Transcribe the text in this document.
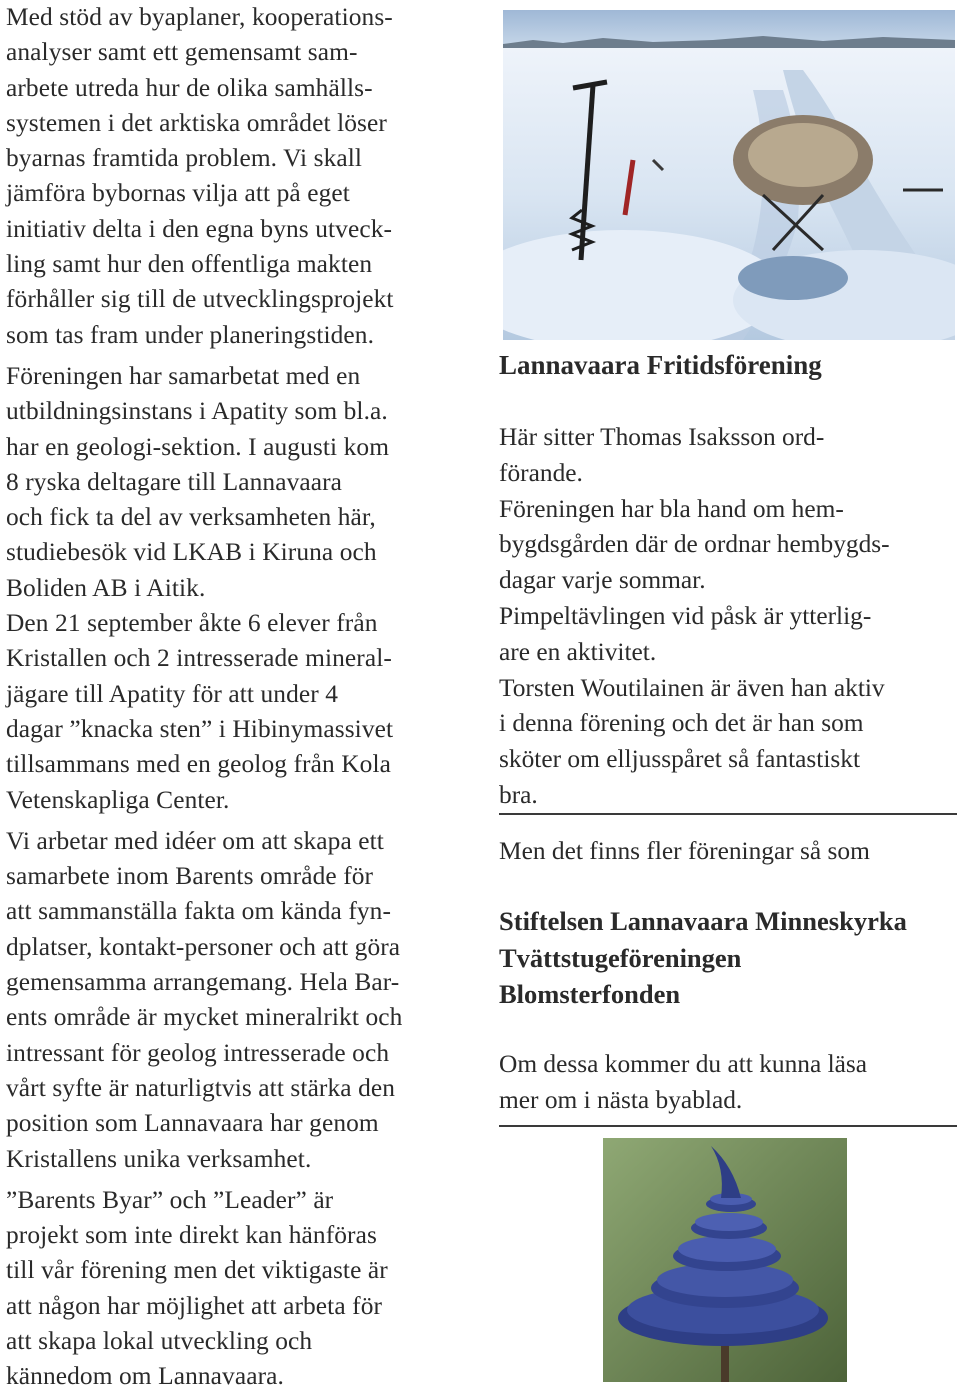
Med stöd av byaplaner, kooperations-
analyser samt ett gemensamt sam-
arbete utreda hur de olika samhälls-
systemen i det arktiska området löser
byarnas framtida problem. Vi skall
jämföra bybornas vilja att på eget
initiativ delta i den egna byns utveck-
ling samt hur den offentliga makten
förhåller sig till de utvecklingsprojekt
som tas fram under planeringstiden.

Föreningen har samarbetat med en
utbildningsinstans i Apatity som bl.a.
har en geologi-sektion. I augusti kom
8 ryska deltagare till Lannavaara
och fick ta del av verksamheten här,
studiebesök vid LKAB i Kiruna och
Boliden AB i Aitik.

Den 21 september åkte 6 elever från
Kristallen och 2 intresserade mineral-
jägare till Apatity för att under 4
dagar ”knacka sten” i Hibinymassivet
tillsammans med en geolog från Kola
Vetenskapliga Center.

Vi arbetar med idéer om att skapa ett
samarbete inom Barents område för
att sammanställa fakta om kända fyn-
dplatser, kontakt-personer och att göra
gemensamma arrangemang. Hela Bar-
ents område är mycket mineralrikt och
intressant för geolog intresserade och
vårt syfte är naturligtvis att stärka den
position som Lannavaara har genom
Kristallens unika verksamhet.

”Barents Byar” och ”Leader” är
projekt som inte direkt kan hänföras
till vår förening men det viktigaste är
att någon har möjlighet att arbeta för
att skapa lokal utveckling och
kännedom om Lannavaara.

Lannavaara Fritidsförening

Här sitter Thomas Isaksson ord-
förande.

Föreningen har bla hand om hem-
bygdsgården där de ordnar hembygds-
dagar varje sommar.

Pimpeltävlingen vid påsk är ytterlig-
are en aktivitet.

Torsten Woutilainen är även han aktiv
i denna förening och det är han som
sköter om elljusspåret så fantastiskt
bra.

Men det finns fler föreningar så som
Stiftelsen Lannavaara Minneskyrka
Tvättstugeföreningen
Blomsterfonden

Om dessa kommer du att kunna läsa
mer om i nästa byablad.
